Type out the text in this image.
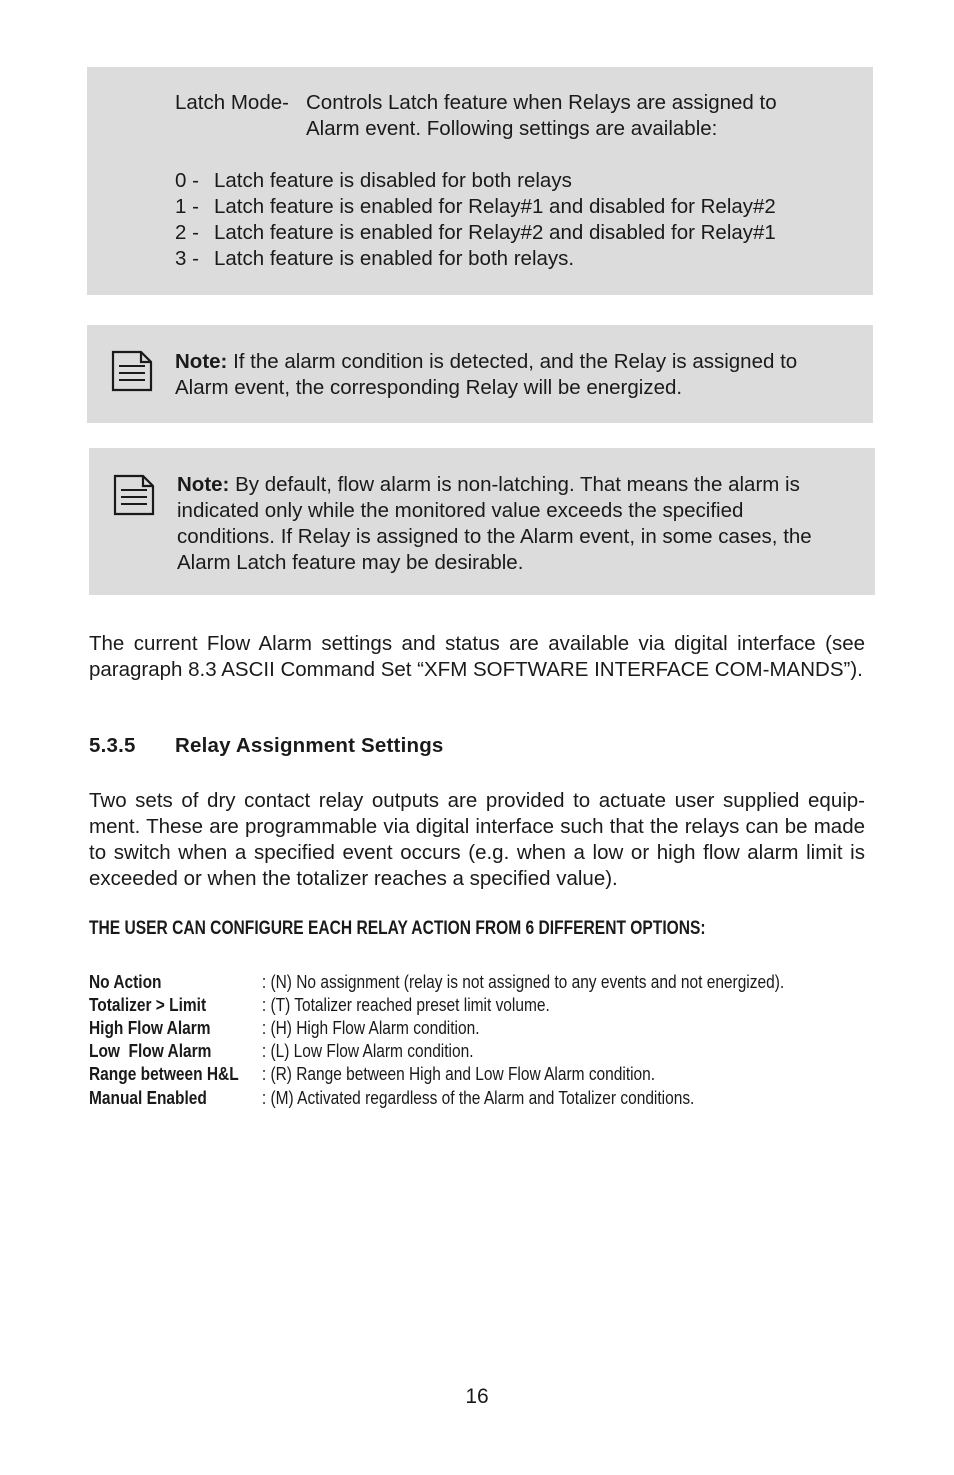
Latch Mode- Controls Latch feature when Relays are assigned to
Alarm event. Following settings are available:
0 - Latch feature is disabled for both relays
1 - Latch feature is enabled for Relay#1 and disabled for Relay#2
2 - Latch feature is enabled for Relay#2 and disabled for Relay#1
3 - Latch feature is enabled for both relays.
Note: If the alarm condition is detected, and the Relay is assigned to
Alarm event, the corresponding Relay will be energized.
Note: By default, flow alarm is non-latching. That means the alarm is
indicated only while the monitored value exceeds the specified
conditions. If Relay is assigned to the Alarm event, in some cases, the
Alarm Latch feature may be desirable.
The current Flow Alarm settings and status are available via digital interface (see paragraph 8.3 ASCII Command Set “XFM SOFTWARE INTERFACE COM-MANDS”).
5.3.5 Relay Assignment Settings
Two sets of dry contact relay outputs are provided to actuate user supplied equip-ment. These are programmable via digital interface such that the relays can be made to switch when a specified event occurs (e.g. when a low or high flow alarm limit is exceeded or when the totalizer reaches a specified value).
THE USER CAN CONFIGURE EACH RELAY ACTION FROM 6 DIFFERENT OPTIONS:
No Action	: (N) No assignment (relay is not assigned to any events and not energized).
Totalizer > Limit	: (T) Totalizer reached preset limit volume.
High Flow Alarm	: (H) High Flow Alarm condition.
Low  Flow Alarm	: (L) Low Flow Alarm condition.
Range between H&L : (R) Range between High and Low Flow Alarm condition.
Manual Enabled	: (M) Activated regardless of the Alarm and Totalizer conditions.
16
